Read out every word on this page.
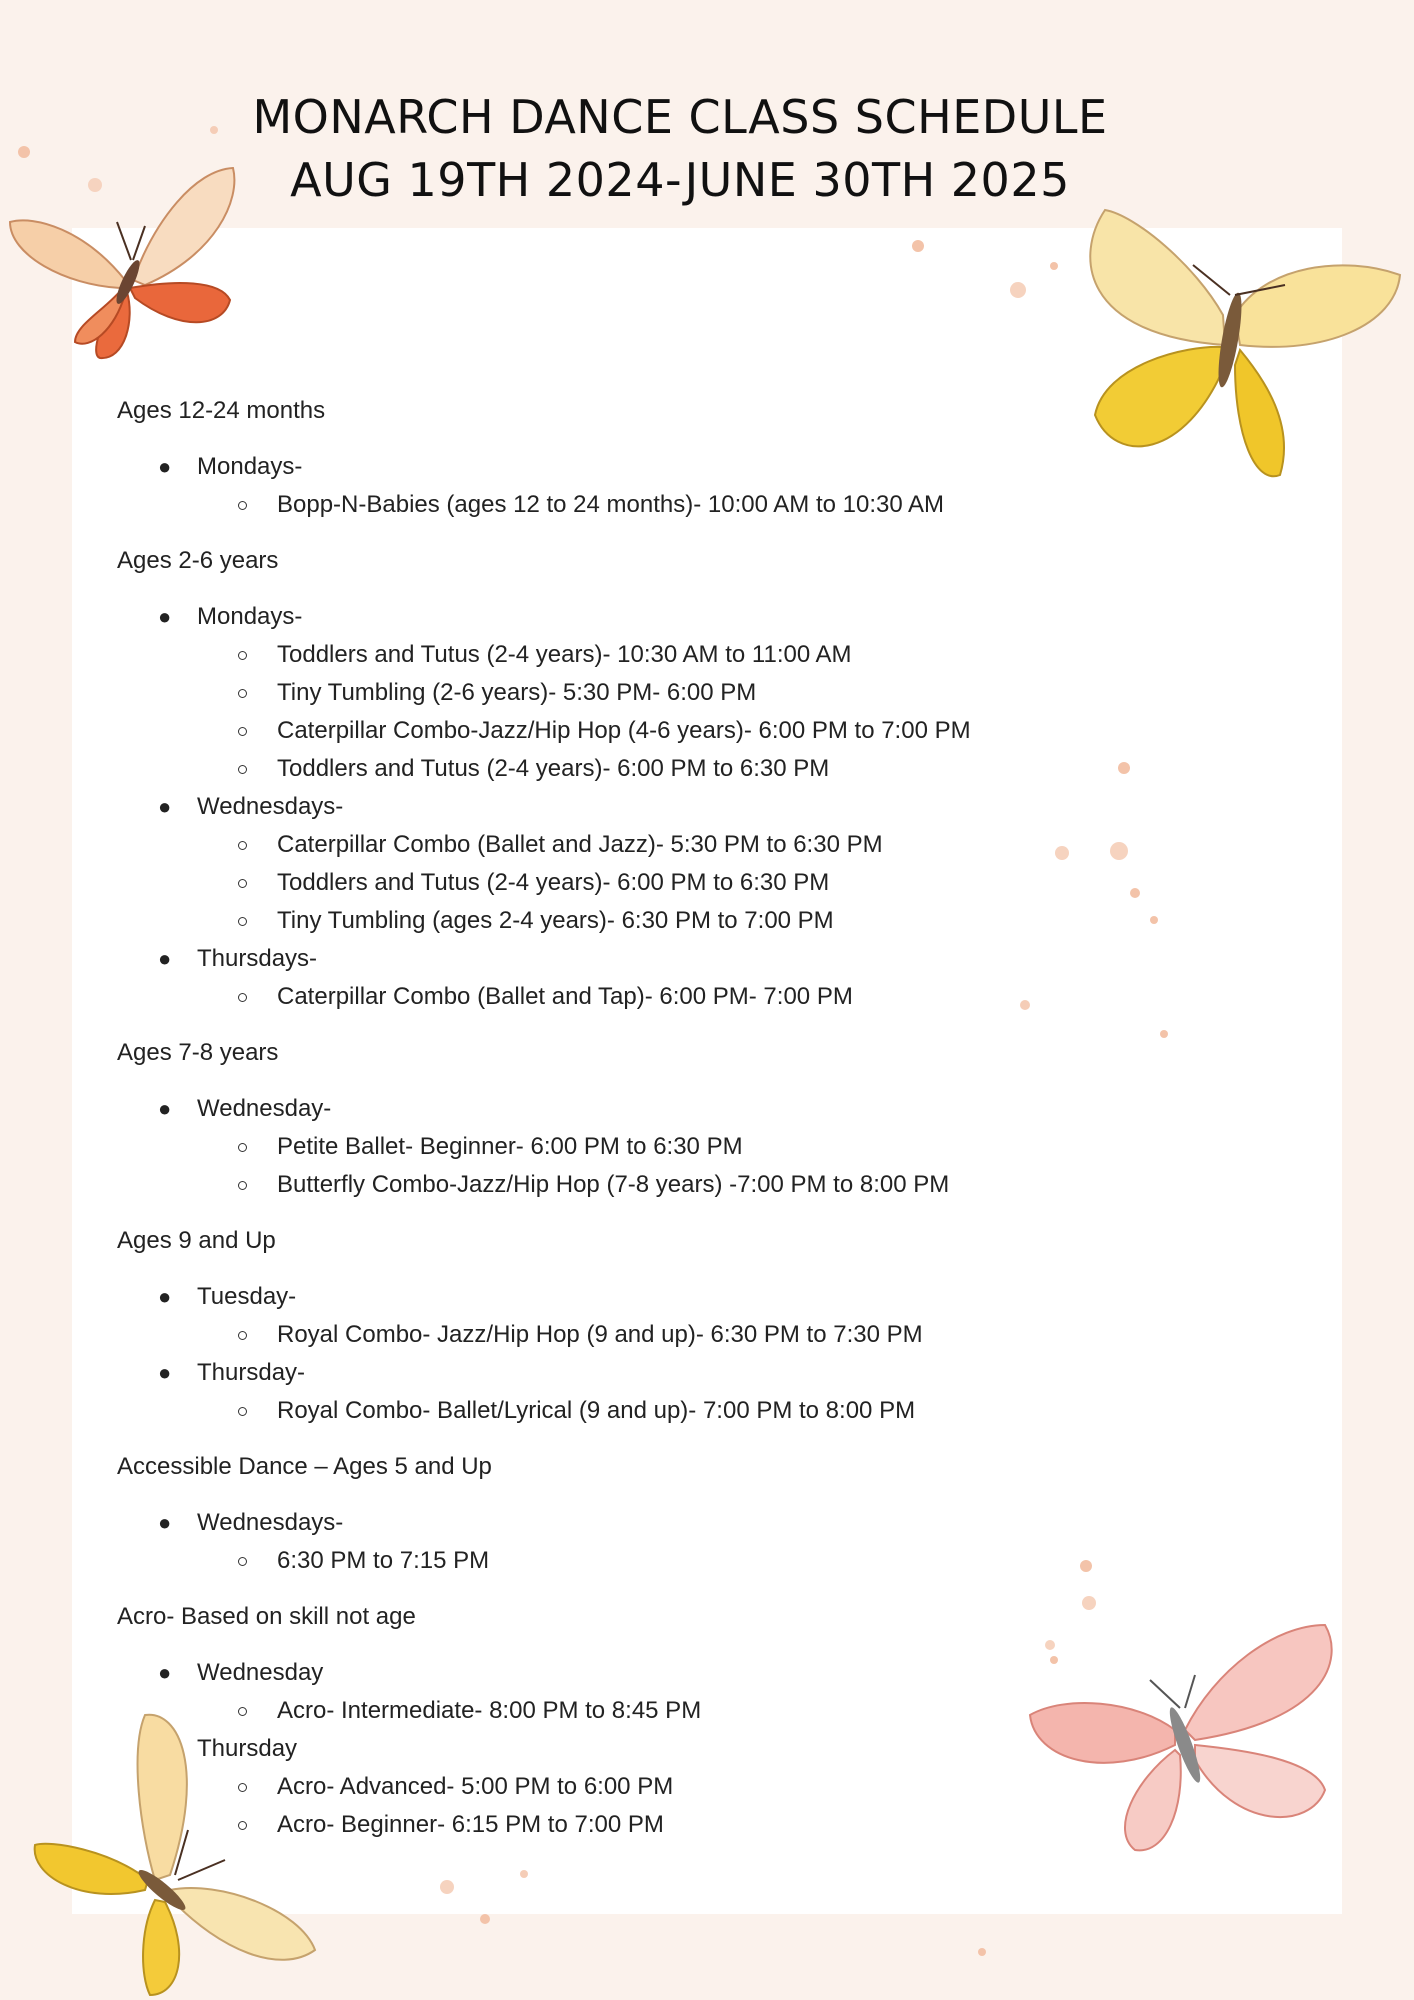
MONARCH DANCE CLASS SCHEDULE
AUG 19TH 2024-JUNE 30TH 2025
Ages 12-24 months
● Mondays-
Bopp-N-Babies (ages 12 to 24 months)- 10:00 AM to 10:30 AM
Ages 2-6 years
● Mondays-
Toddlers and Tutus (2-4 years)- 10:30 AM to 11:00 AM
Tiny Tumbling (2-6 years)- 5:30 PM- 6:00 PM
Caterpillar Combo-Jazz/Hip Hop (4-6 years)- 6:00 PM to 7:00 PM
Toddlers and Tutus (2-4 years)- 6:00 PM to 6:30 PM
● Wednesdays-
Caterpillar Combo (Ballet and Jazz)- 5:30 PM to 6:30 PM
Toddlers and Tutus (2-4 years)- 6:00 PM to 6:30 PM
Tiny Tumbling (ages 2-4 years)- 6:30 PM to 7:00 PM
● Thursdays-
Caterpillar Combo (Ballet and Tap)- 6:00 PM- 7:00 PM
Ages 7-8 years
● Wednesday-
Petite Ballet- Beginner- 6:00 PM to 6:30 PM
Butterfly Combo-Jazz/Hip Hop (7-8 years) -7:00 PM to 8:00 PM
Ages 9 and Up
● Tuesday-
Royal Combo- Jazz/Hip Hop (9 and up)- 6:30 PM to 7:30 PM
● Thursday-
Royal Combo- Ballet/Lyrical (9 and up)- 7:00 PM to 8:00 PM
Accessible Dance – Ages 5 and Up
● Wednesdays-
6:30 PM to 7:15 PM
Acro- Based on skill not age
● Wednesday
Acro- Intermediate- 8:00 PM to 8:45 PM
Thursday
Acro- Advanced- 5:00 PM to 6:00 PM
Acro- Beginner- 6:15 PM to 7:00 PM
